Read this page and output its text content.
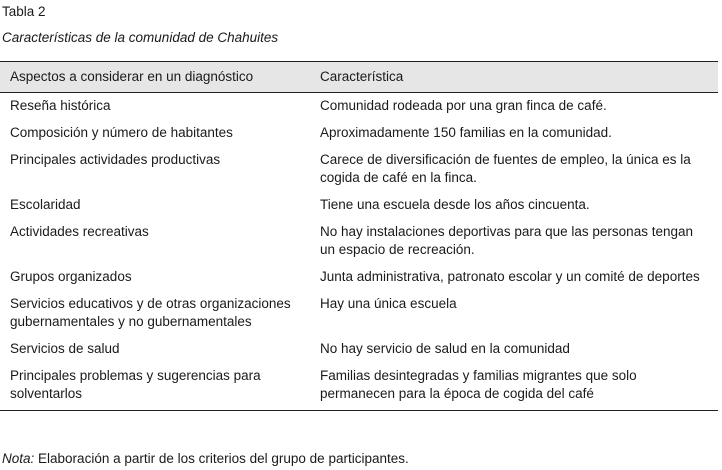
Tabla 2
Características de la comunidad de Chahuites
Aspectos a considerar en un diagnóstico	Característica
Reseña histórica	Comunidad rodeada por una gran finca de café.
Composición y número de habitantes	Aproximadamente 150 familias en la comunidad.
Principales actividades productivas	Carece de diversificación de fuentes de empleo, la única es la cogida de café en la finca.
Escolaridad	Tiene una escuela desde los años cincuenta.
Actividades recreativas	No hay instalaciones deportivas para que las personas tengan un espacio de recreación.
Grupos organizados	Junta administrativa, patronato escolar y un comité de deportes
Servicios educativos y de otras organizaciones gubernamentales y no gubernamentales	Hay una única escuela
Servicios de salud	No hay servicio de salud en la comunidad
Principales problemas y sugerencias para solventarlos	Familias desintegradas y familias migrantes que solo permanecen para la época de cogida del café
Nota: Elaboración a partir de los criterios del grupo de participantes.
